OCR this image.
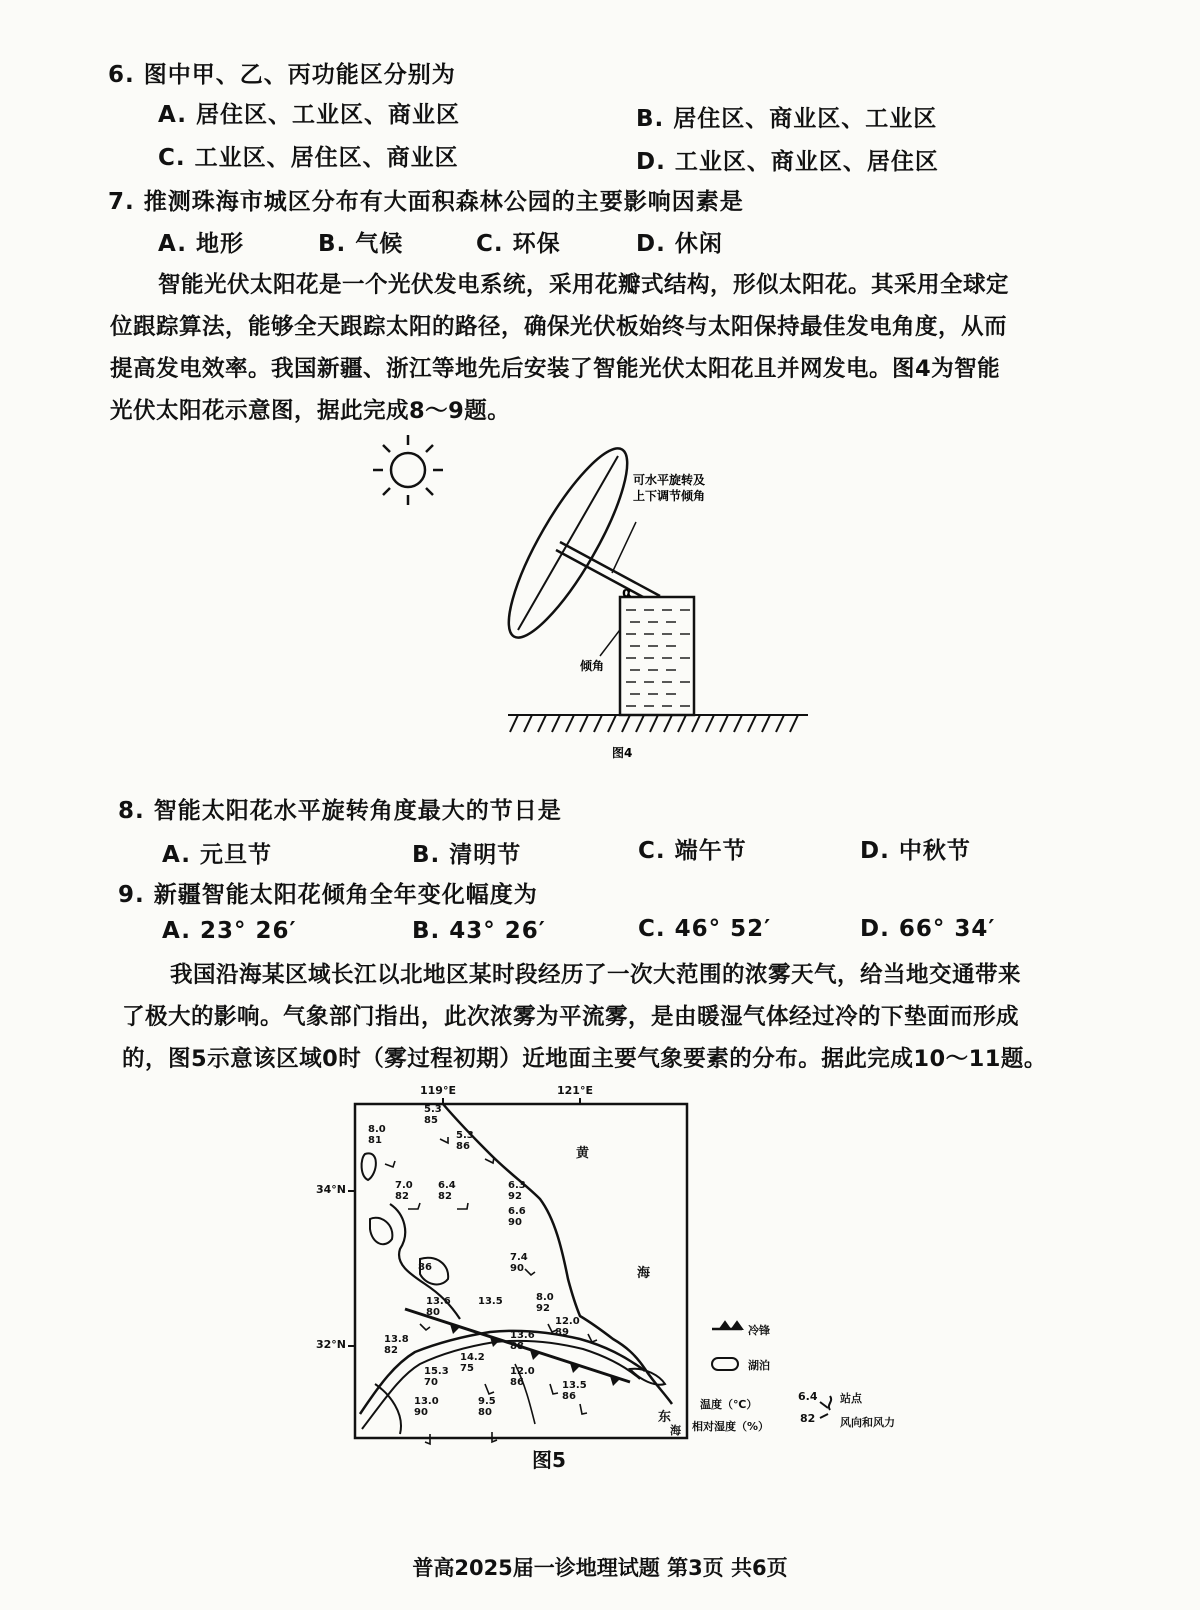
6. 图中甲、乙、丙功能区分别为
A. 居住区、工业区、商业区	B. 居住区、商业区、工业区
C. 工业区、居住区、商业区	D. 工业区、商业区、居住区
7. 推测珠海市城区分布有大面积森林公园的主要影响因素是
A. 地形	B. 气候	C. 环保	D. 休闲

智能光伏太阳花是一个光伏发电系统，采用花瓣式结构，形似太阳花。其采用全球定

位跟踪算法，能够全天跟踪太阳的路径，确保光伏板始终与太阳保持最佳发电角度，从而

提高发电效率。我国新疆、浙江等地先后安装了智能光伏太阳花且并网发电。图4为智能

光伏太阳花示意图，据此完成8～9题。

可水平旋转及
上下调节倾角
α
倾角
图4
8. 智能太阳花水平旋转角度最大的节日是
A. 元旦节	B. 清明节	C. 端午节	D. 中秋节
9. 新疆智能太阳花倾角全年变化幅度为
A. 23° 26′	B. 43° 26′	C. 46° 52′	D. 66° 34′

我国沿海某区域长江以北地区某时段经历了一次大范围的浓雾天气，给当地交通带来

了极大的影响。气象部门指出，此次浓雾为平流雾，是由暖湿气体经过冷的下垫面而形成

的，图5示意该区域0时（雾过程初期）近地面主要气象要素的分布。据此完成10～11题。

119°E	121°E
34°N
32°N
黄
海
东
海
5.3
85
8.0
81	5.3
86
7.0
82
6.4
82
6.3
92
6.6
90
86
7.4
90
8.0
92
13.6
80
13.5
12.0
89
13.6
88
13.8
82
14.2
75
15.3
70
12.0
86	13.5
86
13.0
90
9.5
80
冷锋
湖泊
温度（℃）
6.4
相对湿度（%）
82
站点
风向和风力
图5
普高2025届一诊地理试题 第3页 共6页
